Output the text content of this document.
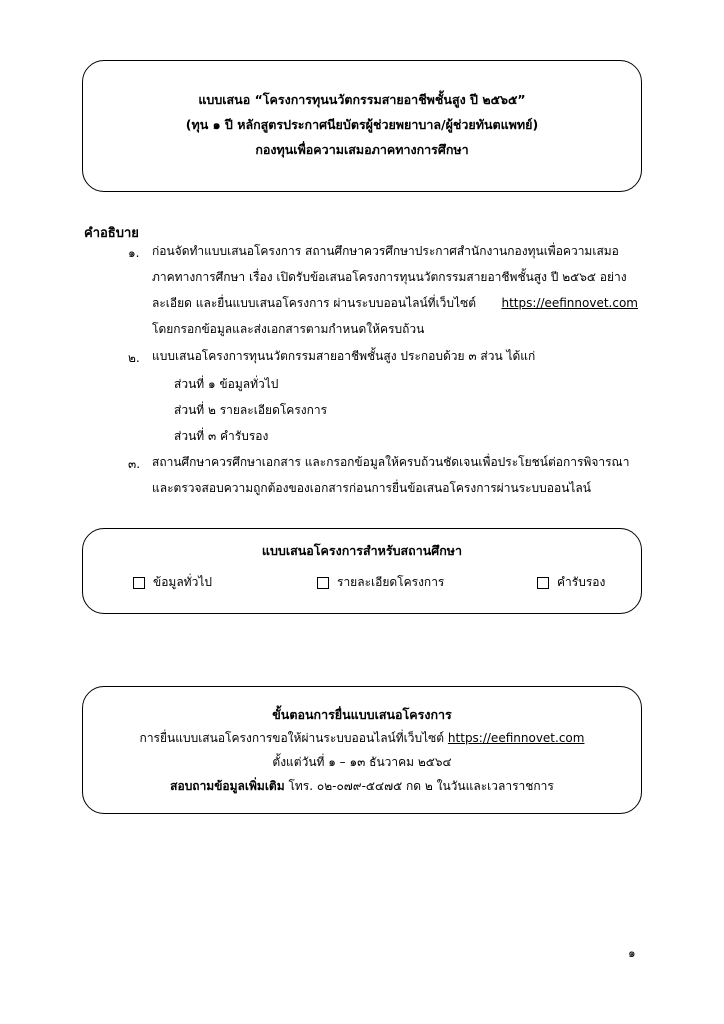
แบบเสนอ “โครงการทุนนวัตกรรมสายอาชีพชั้นสูง ปี ๒๕๖๕”
(ทุน ๑ ปี หลักสูตรประกาศนียบัตรผู้ช่วยพยาบาล/ผู้ช่วยทันตแพทย์)
กองทุนเพื่อความเสมอภาคทางการศึกษา
คำอธิบาย
๑. ก่อนจัดทำแบบเสนอโครงการ สถานศึกษาควรศึกษาประกาศสำนักงานกองทุนเพื่อความเสมอ
ภาคทางการศึกษา เรื่อง เปิดรับข้อเสนอโครงการทุนนวัตกรรมสายอาชีพชั้นสูง ปี ๒๕๖๕ อย่าง
ละเอียด และยื่นแบบเสนอโครงการ ผ่านระบบออนไลน์ที่เว็บไซต์ https://eefinnovet.com
โดยกรอกข้อมูลและส่งเอกสารตามกำหนดให้ครบถ้วน
๒. แบบเสนอโครงการทุนนวัตกรรมสายอาชีพชั้นสูง ประกอบด้วย ๓ ส่วน ได้แก่
ส่วนที่ ๑ ข้อมูลทั่วไป
ส่วนที่ ๒ รายละเอียดโครงการ
ส่วนที่ ๓ คำรับรอง
๓. สถานศึกษาควรศึกษาเอกสาร และกรอกข้อมูลให้ครบถ้วนชัดเจนเพื่อประโยชน์ต่อการพิจารณา
และตรวจสอบความถูกต้องของเอกสารก่อนการยื่นข้อเสนอโครงการผ่านระบบออนไลน์
แบบเสนอโครงการสำหรับสถานศึกษา
ข้อมูลทั่วไป	รายละเอียดโครงการ	คำรับรอง
ขั้นตอนการยื่นแบบเสนอโครงการ
การยื่นแบบเสนอโครงการขอให้ผ่านระบบออนไลน์ที่เว็บไซต์ https://eefinnovet.com
ตั้งแต่วันที่ ๑ – ๑๓ ธันวาคม ๒๕๖๔
สอบถามข้อมูลเพิ่มเติม โทร. ๐๒-๐๗๙-๕๔๗๕ กด ๒ ในวันและเวลาราชการ
๑
